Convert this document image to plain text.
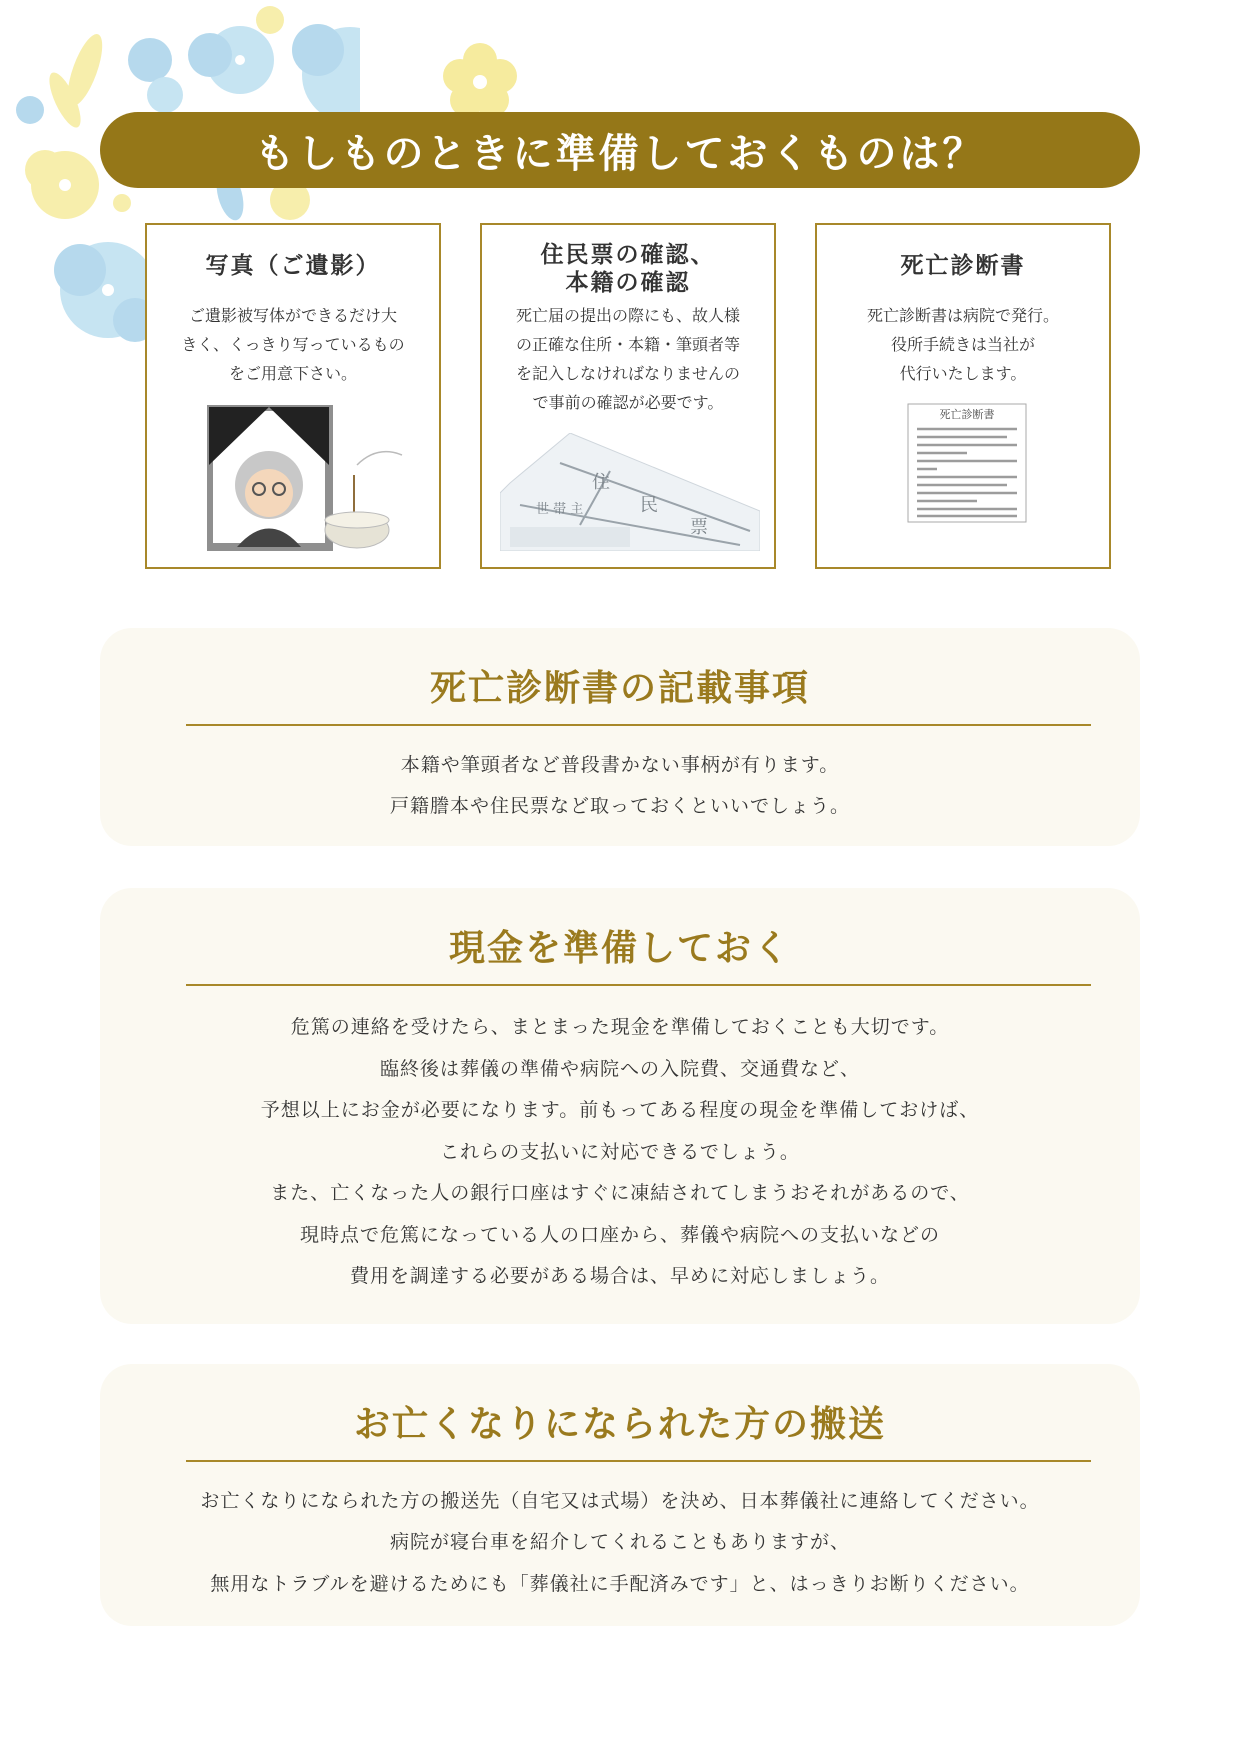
もしものときに準備しておくものは？
写真（ご遺影）
ご遺影被写体ができるだけ大
きく、くっきり写っているもの
をご用意下さい。
住民票の確認、
本籍の確認
死亡届の提出の際にも、故人様
の正確な住所・本籍・筆頭者等
を記入しなければなりませんの
で事前の確認が必要です。
住
民
票
世 帯 主
死亡診断書
死亡診断書は病院で発行。
役所手続きは当社が
代行いたします。
死亡診断書
死亡診断書の記載事項
本籍や筆頭者など普段書かない事柄が有ります。
戸籍謄本や住民票など取っておくといいでしょう。
現金を準備しておく
危篤の連絡を受けたら、まとまった現金を準備しておくことも大切です。
臨終後は葬儀の準備や病院への入院費、交通費など、
予想以上にお金が必要になります。前もってある程度の現金を準備しておけば、
これらの支払いに対応できるでしょう。
また、亡くなった人の銀行口座はすぐに凍結されてしまうおそれがあるので、
現時点で危篤になっている人の口座から、葬儀や病院への支払いなどの
費用を調達する必要がある場合は、早めに対応しましょう。
お亡くなりになられた方の搬送
お亡くなりになられた方の搬送先（自宅又は式場）を決め、日本葬儀社に連絡してください。
病院が寝台車を紹介してくれることもありますが、
無用なトラブルを避けるためにも「葬儀社に手配済みです」と、はっきりお断りください。
